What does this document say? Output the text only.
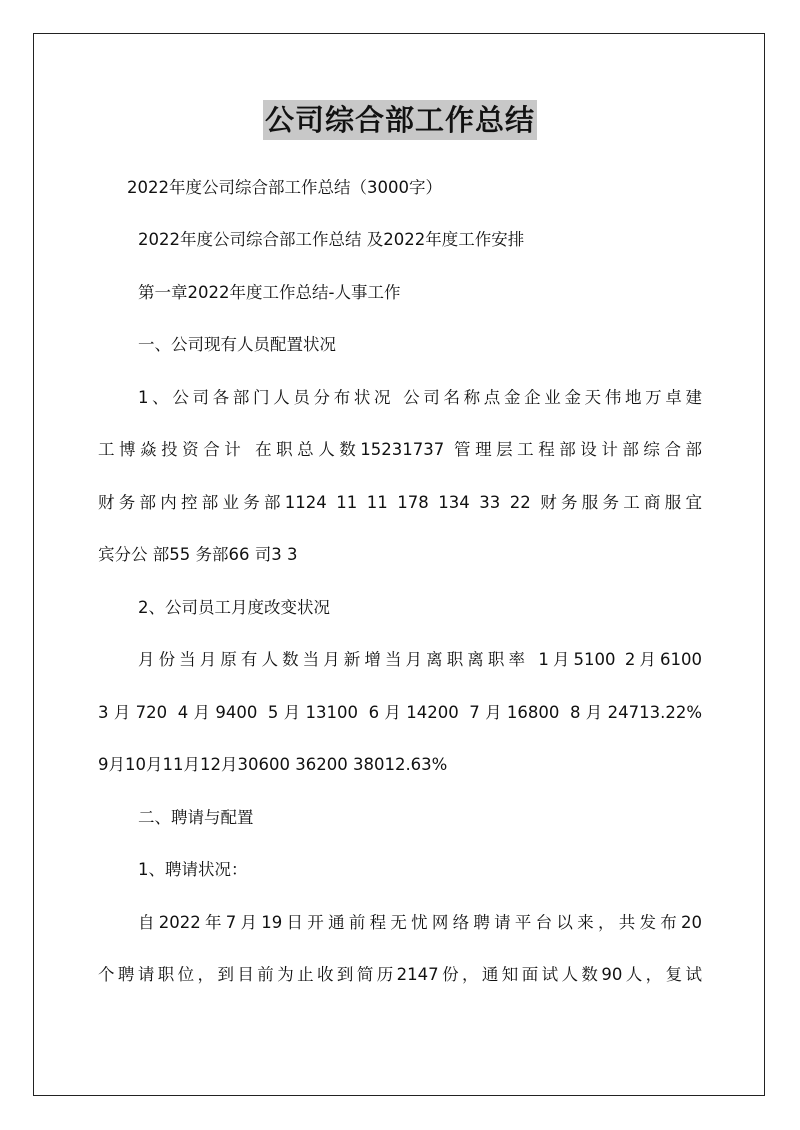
公司综合部工作总结
2022年度公司综合部工作总结（3000字）
2022年度公司综合部工作总结 及2022年度工作安排
第一章2022年度工作总结-人事工作
一、公司现有人员配置状况
1、公司各部门人员分布状况 公司名称点金企业金天伟地万卓建
工博焱投资合计 在职总人数15231737 管理层工程部设计部综合部
财务部内控部业务部1124 11 11 178 134 33 22 财务服务工商服宜
宾分公 部55 务部66 司3 3
2、公司员工月度改变状况
月份当月原有人数当月新增当月离职离职率 1月5100 2月6100
3月720 4月9400 5月13100 6月14200 7月16800 8月24713.22%
9月10月11月12月30600 36200 38012.63%
二、聘请与配置
1、聘请状况：
自2022年7月19日开通前程无忧网络聘请平台以来，共发布20
个聘请职位，到目前为止收到简历2147份，通知面试人数90人，复试
